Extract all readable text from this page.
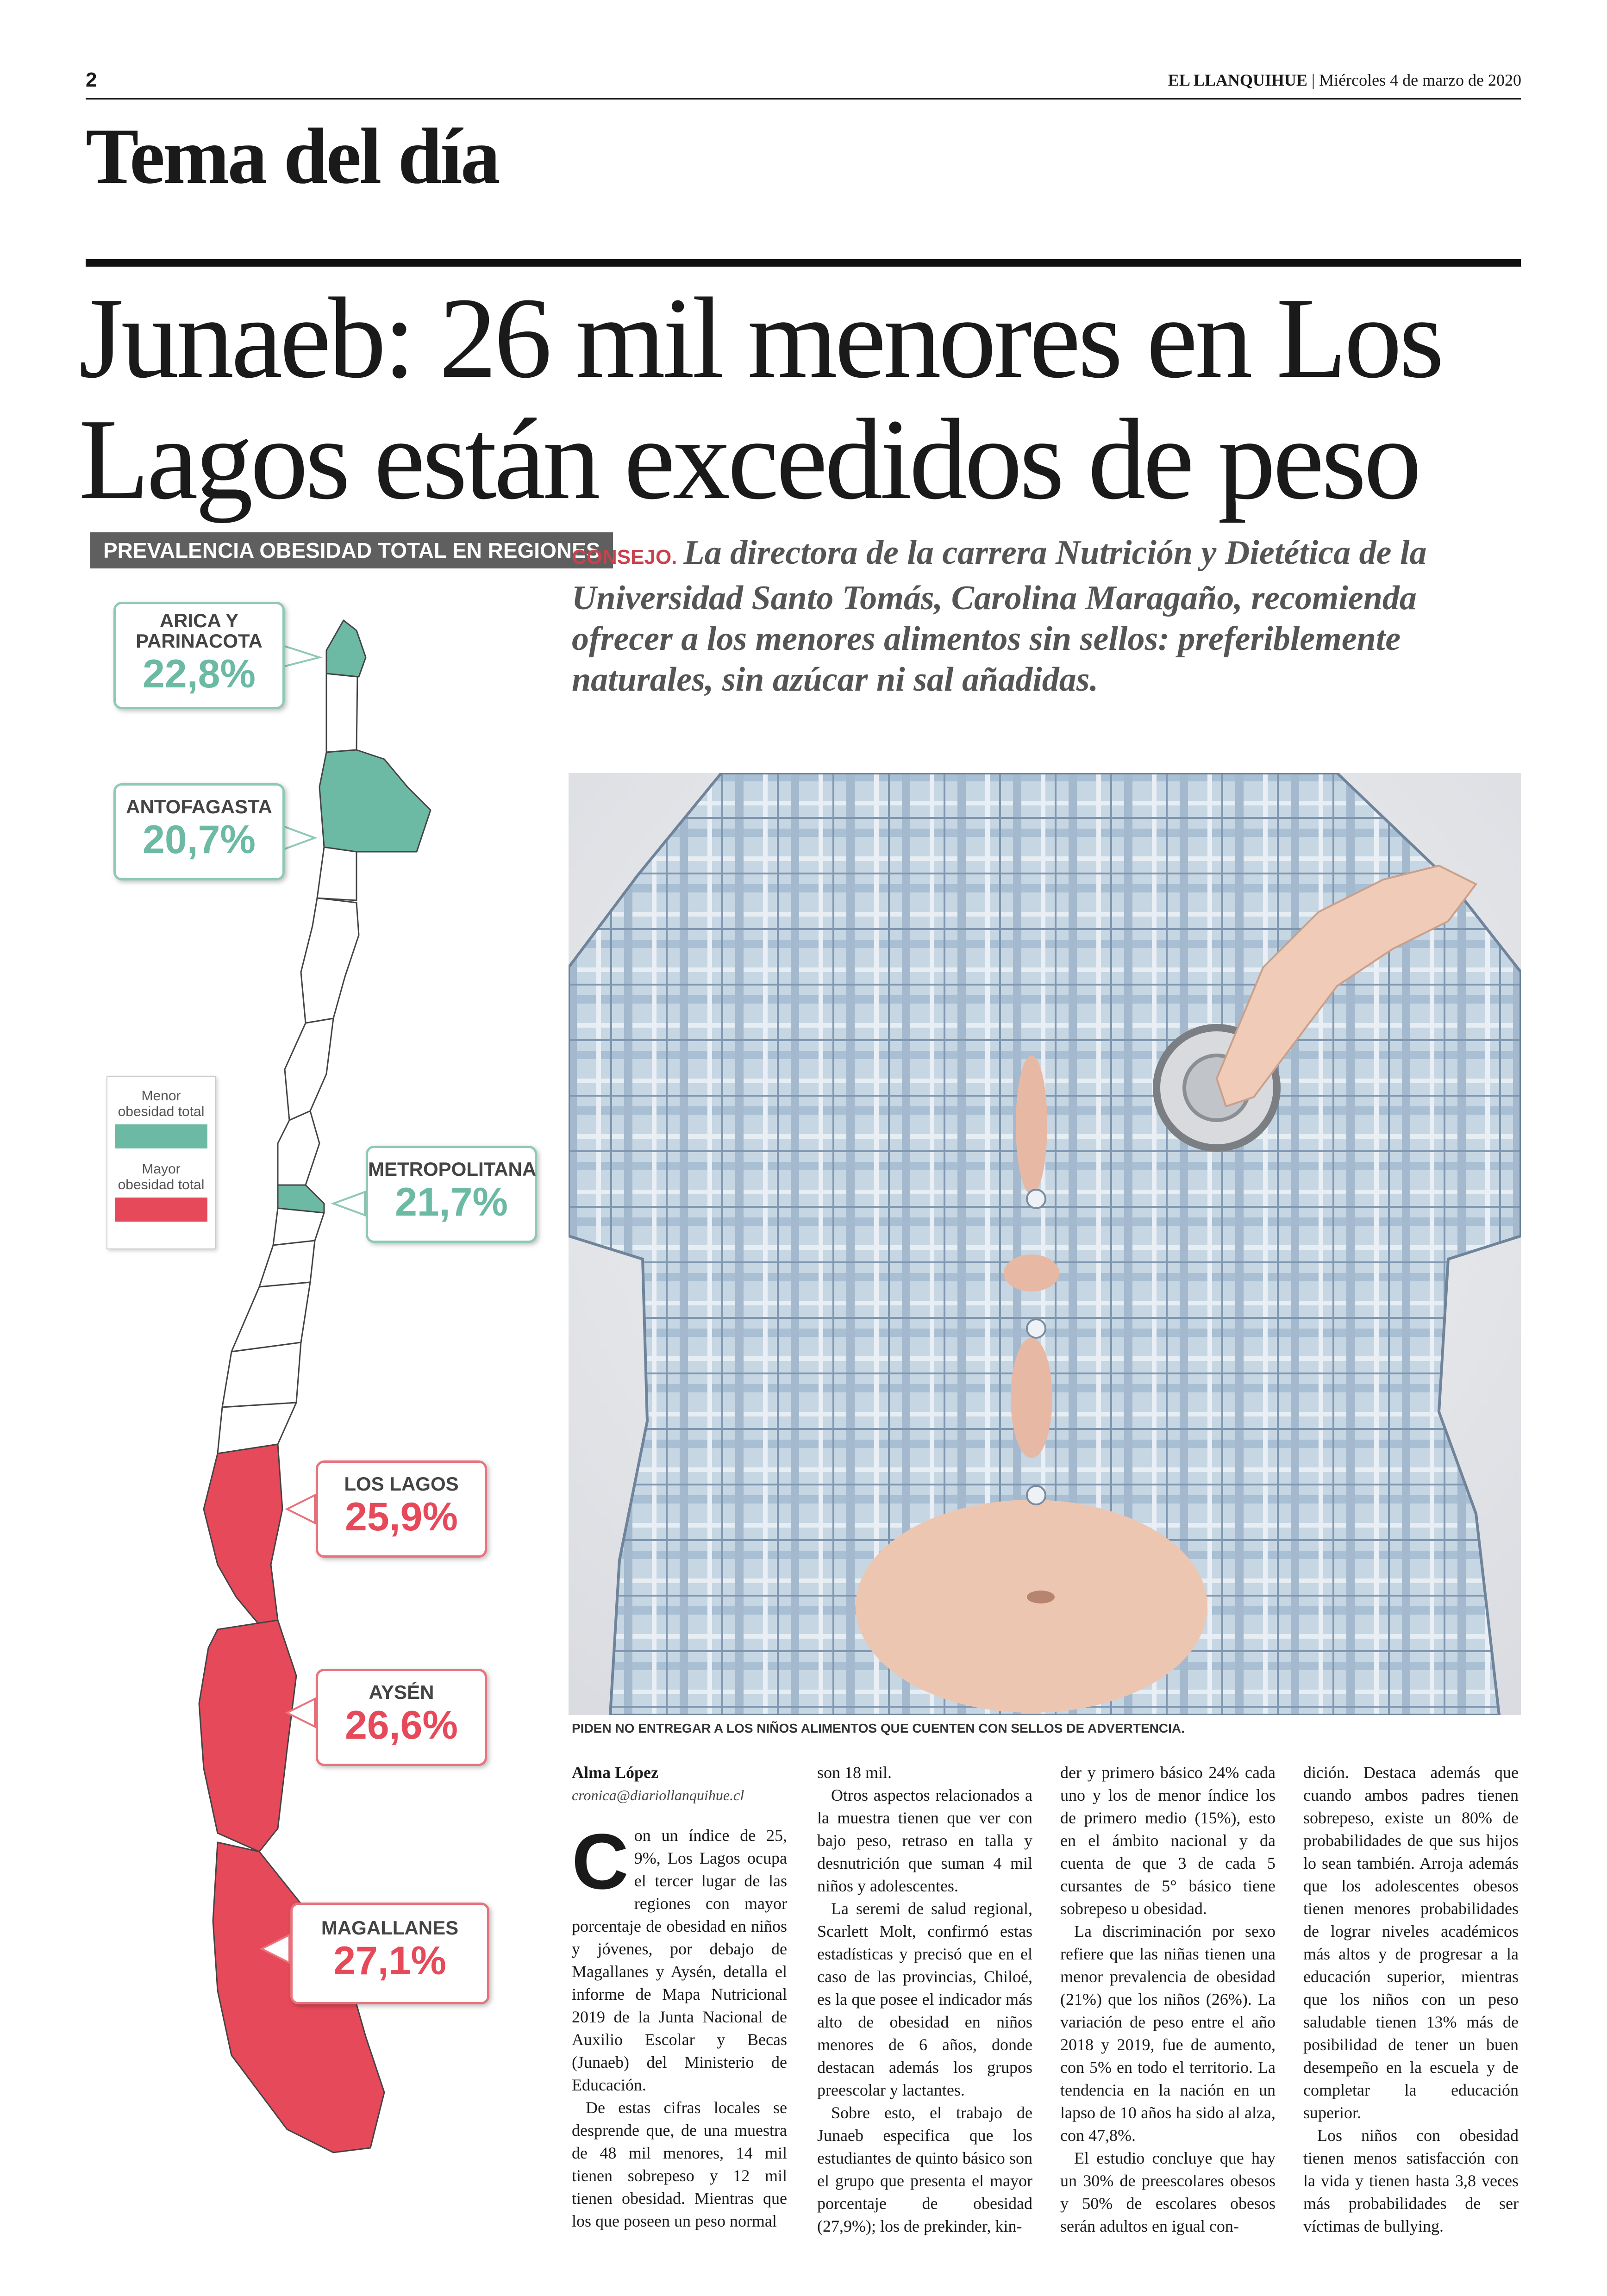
2	EL LLANQUIHUE | Miércoles 4 de marzo de 2020
Tema del día
Junaeb: 26 mil menores en Los Lagos están excedidos de peso
PREVALENCIA OBESIDAD TOTAL EN REGIONES
ARICA Y
PARINACOTA
22,8%
ANTOFAGASTA
20,7%
METROPOLITANA
21,7%
LOS LAGOS
25,9%
AYSÉN
26,6%
MAGALLANES
27,1%
Menor
obesidad total
Mayor
obesidad total
CONSEJO. La directora de la carrera Nutrición y Dietética de la Universidad Santo Tomás, Carolina Maragaño, recomienda ofrecer a los menores alimentos sin sellos: preferiblemente naturales, sin azúcar ni sal añadidas.
PIDEN NO ENTREGAR A LOS NIÑOS ALIMENTOS QUE CUENTEN CON SELLOS DE ADVERTENCIA.
Alma López
cronica@diariollanquihue.cl

Con un índice de 25, 9%, Los Lagos ocupa el tercer lugar de las regiones con mayor porcentaje de obesidad en niños y jóvenes, por debajo de Magallanes y Aysén, detalla el informe de Mapa Nutricional 2019 de la Junta Nacional de Auxilio Escolar y Becas (Junaeb) del Ministerio de Educación.

De estas cifras locales se desprende que, de una muestra de 48 mil menores, 14 mil tienen sobrepeso y 12 mil tienen obesidad. Mientras que los que poseen un peso normal

son 18 mil.

Otros aspectos relacionados a la muestra tienen que ver con bajo peso, retraso en talla y desnutrición que suman 4 mil niños y adolescentes.

La seremi de salud regional, Scarlett Molt, confirmó estas estadísticas y precisó que en el caso de las provincias, Chiloé, es la que posee el indicador más alto de obesidad en niños menores de 6 años, donde destacan además los grupos preescolar y lactantes.

Sobre esto, el trabajo de Junaeb especifica que los estudiantes de quinto básico son el grupo que presenta el mayor porcentaje de obesidad (27,9%); los de prekinder, kin-

der y primero básico 24% cada uno y los de menor índice los de primero medio (15%), esto en el ámbito nacional y da cuenta de que 3 de cada 5 cursantes de 5° básico tiene sobrepeso u obesidad.

La discriminación por sexo refiere que las niñas tienen una menor prevalencia de obesidad (21%) que los niños (26%). La variación de peso entre el año 2018 y 2019, fue de aumento, con 5% en todo el territorio. La tendencia en la nación en un lapso de 10 años ha sido al alza, con 47,8%.

El estudio concluye que hay un 30% de preescolares obesos y 50% de escolares obesos serán adultos en igual con-

dición. Destaca además que cuando ambos padres tienen sobrepeso, existe un 80% de probabilidades de que sus hijos lo sean también. Arroja además que los adolescentes obesos tienen menores probabilidades de lograr niveles académicos más altos y de progresar a la educación superior, mientras que los niños con un peso saludable tienen 13% más de posibilidad de tener un buen desempeño en la escuela y de completar la educación superior.

Los niños con obesidad tienen menos satisfacción con la vida y tienen hasta 3,8 veces más probabilidades de ser víctimas de bullying.
